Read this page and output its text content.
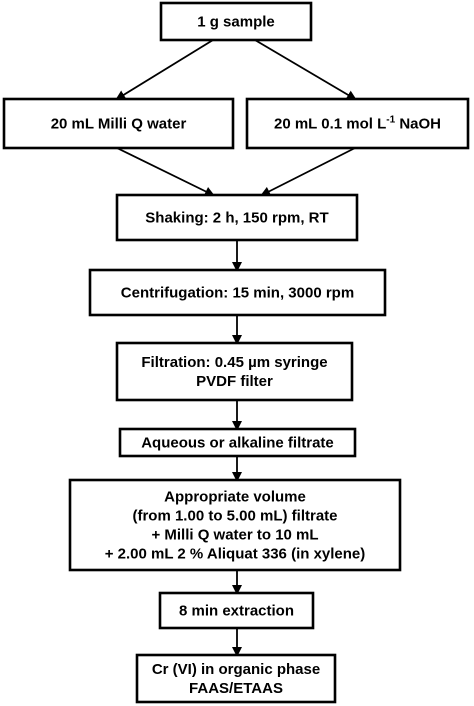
1 g sample
20 mL Milli Q water	20 mL 0.1 mol $L^{-1}$ NaOH
Shaking: 2 h, 150 rpm, RT
Centrifugation: 15 min, 3000 rpm
Filtration: 0.45 µm syringe
PVDF filter
Aqueous or alkaline filtrate
Appropriate volume
(from 1.00 to 5.00 mL) filtrate
+ Milli Q water to 10 mL
+ 2.00 mL 2 % Aliquat 336 (in xylene)
8 min extraction
Cr (VI) in organic phase
FAAS/ETAAS
